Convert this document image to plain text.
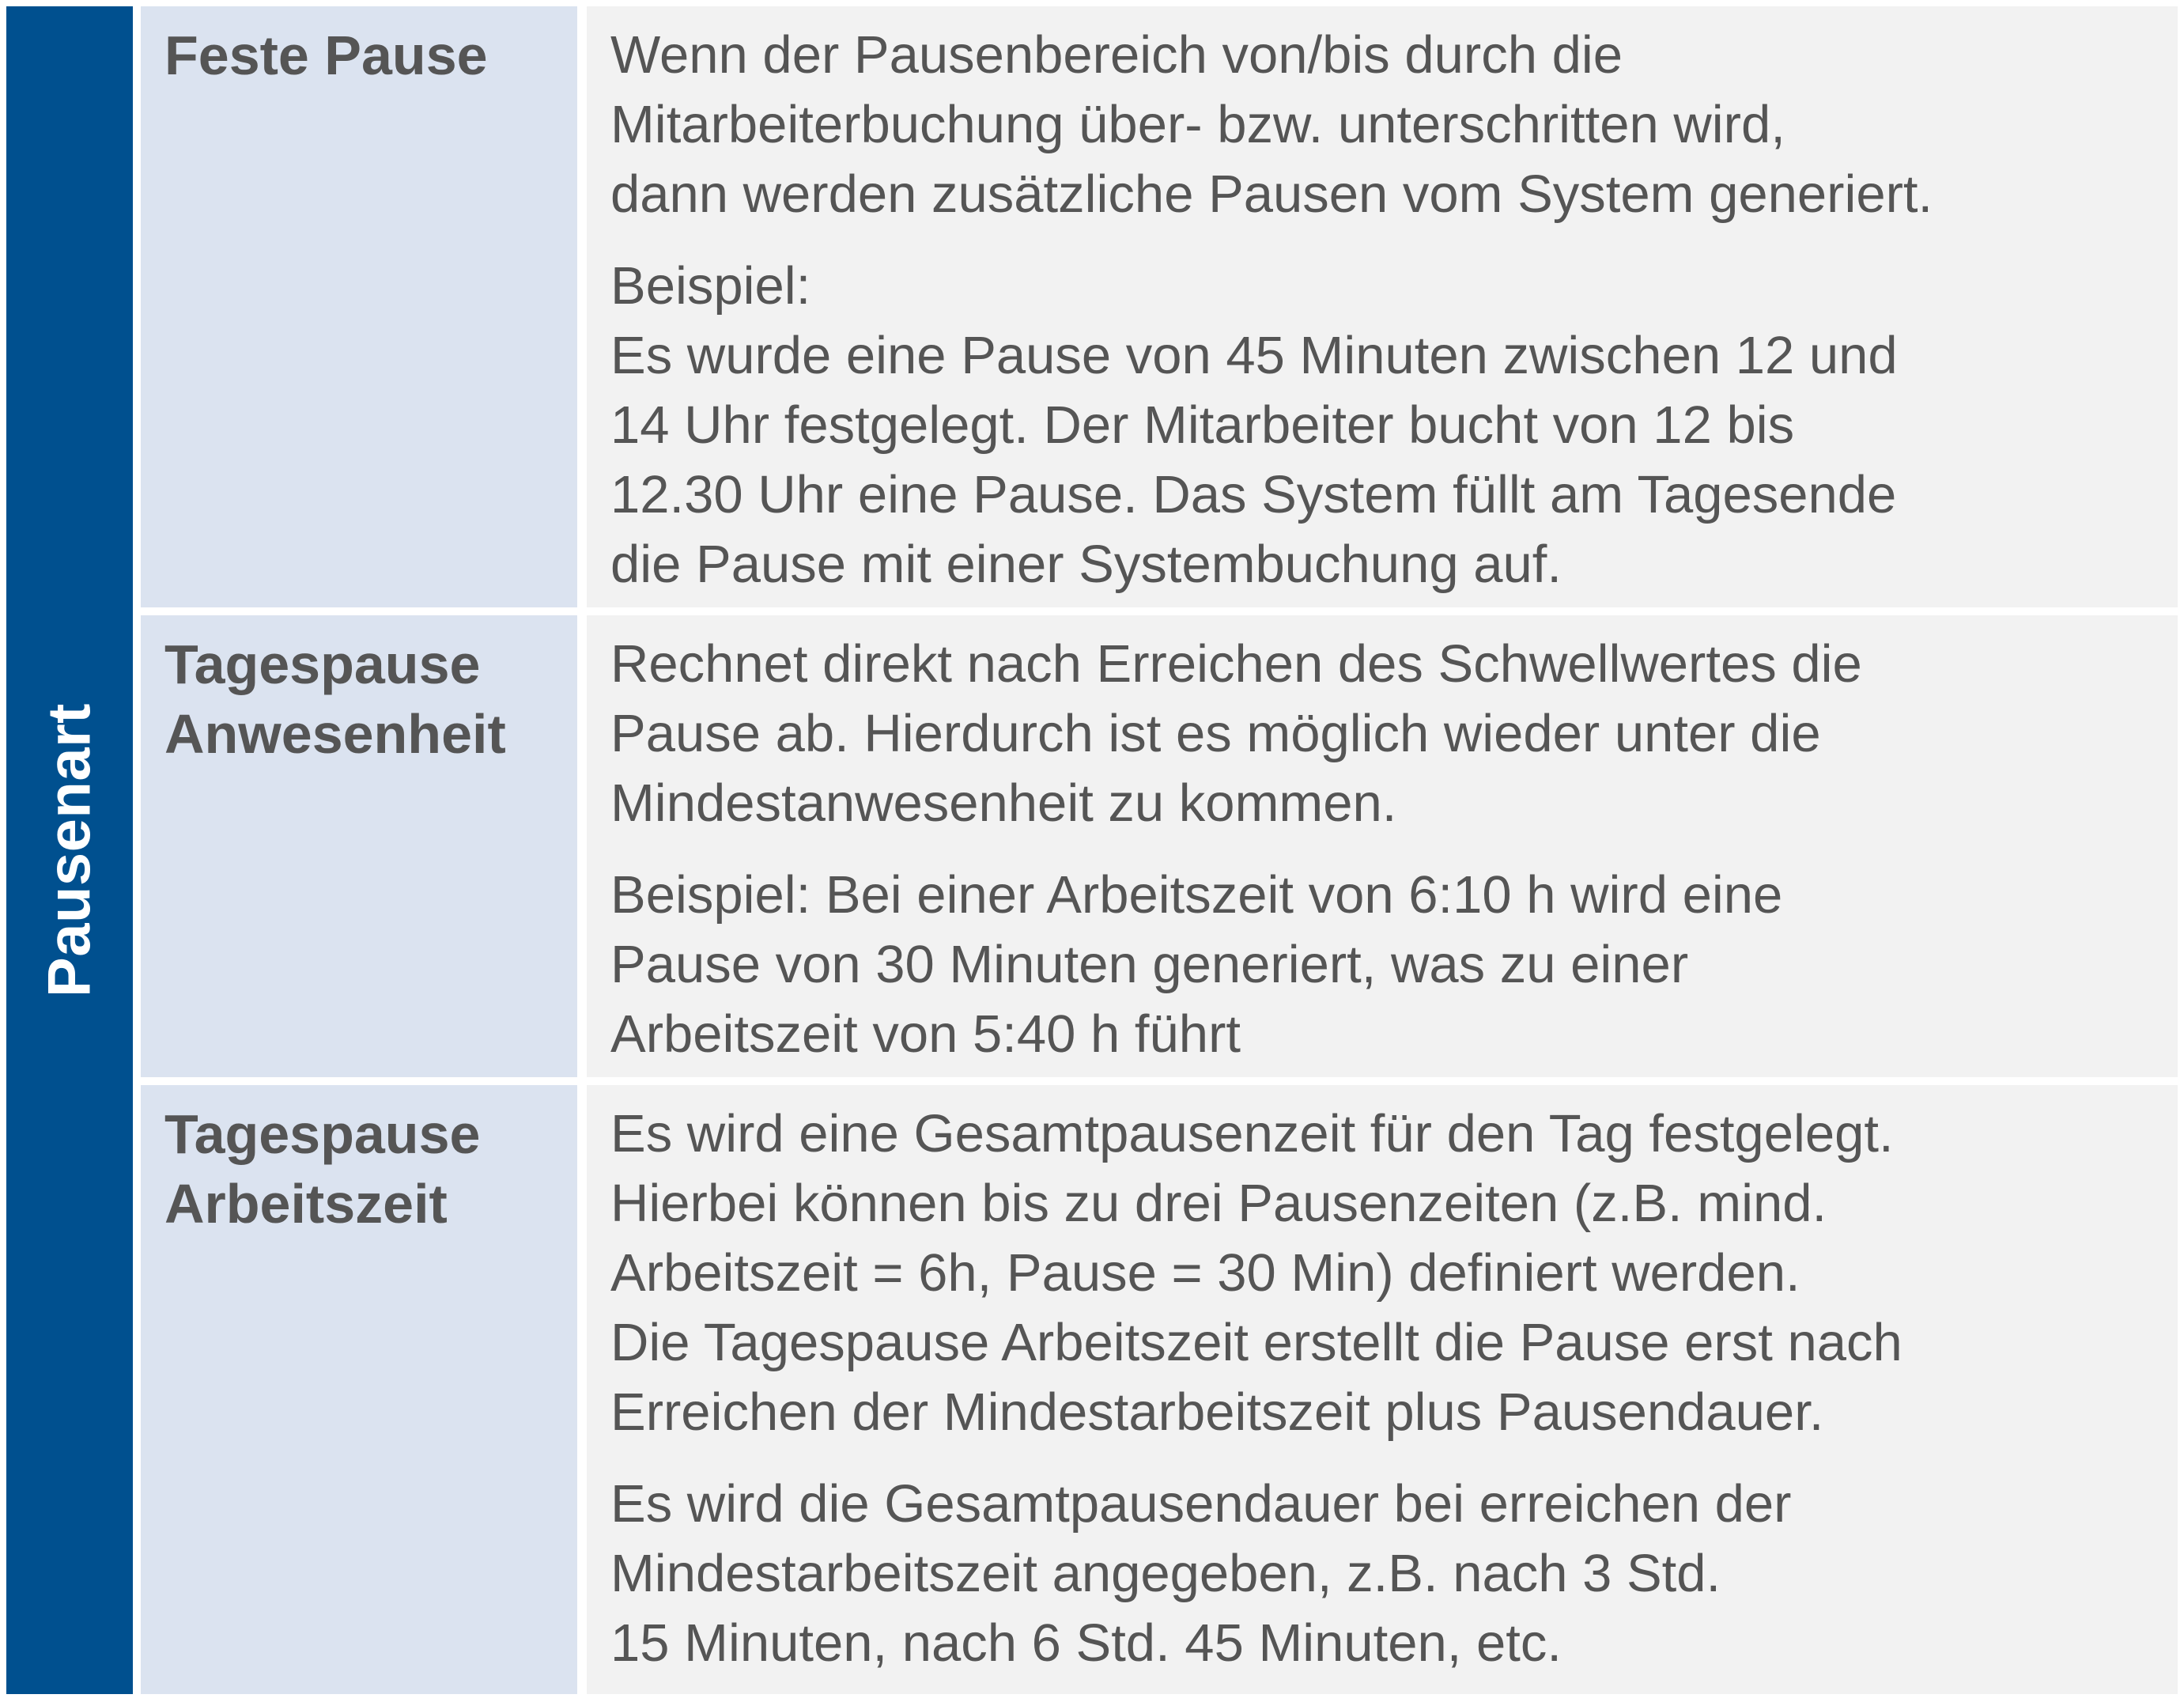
Pausenart
Feste Pause	Wenn der Pausenbereich von/bis durch die
Mitarbeiterbuchung über- bzw. unterschritten wird,
dann werden zusätzliche Pausen vom System generiert.

Beispiel:
Es wurde eine Pause von 45 Minuten zwischen 12 und
14 Uhr festgelegt. Der Mitarbeiter bucht von 12 bis
12.30 Uhr eine Pause. Das System füllt am Tagesende
die Pause mit einer Systembuchung auf.

Tagespause
Anwesenheit

Rechnet direkt nach Erreichen des Schwellwertes die
Pause ab. Hierdurch ist es möglich wieder unter die
Mindestanwesenheit zu kommen.

Beispiel: Bei einer Arbeitszeit von 6:10 h wird eine
Pause von 30 Minuten generiert, was zu einer
Arbeitszeit von 5:40 h führt

Tagespause
Arbeitszeit

Es wird eine Gesamtpausenzeit für den Tag festgelegt.
Hierbei können bis zu drei Pausenzeiten (z.B. mind.
Arbeitszeit = 6h, Pause = 30 Min) definiert werden.
Die Tagespause Arbeitszeit erstellt die Pause erst nach
Erreichen der Mindestarbeitszeit plus Pausendauer.

Es wird die Gesamtpausendauer bei erreichen der
Mindestarbeitszeit angegeben, z.B. nach 3 Std.
15 Minuten, nach 6 Std. 45 Minuten, etc.
